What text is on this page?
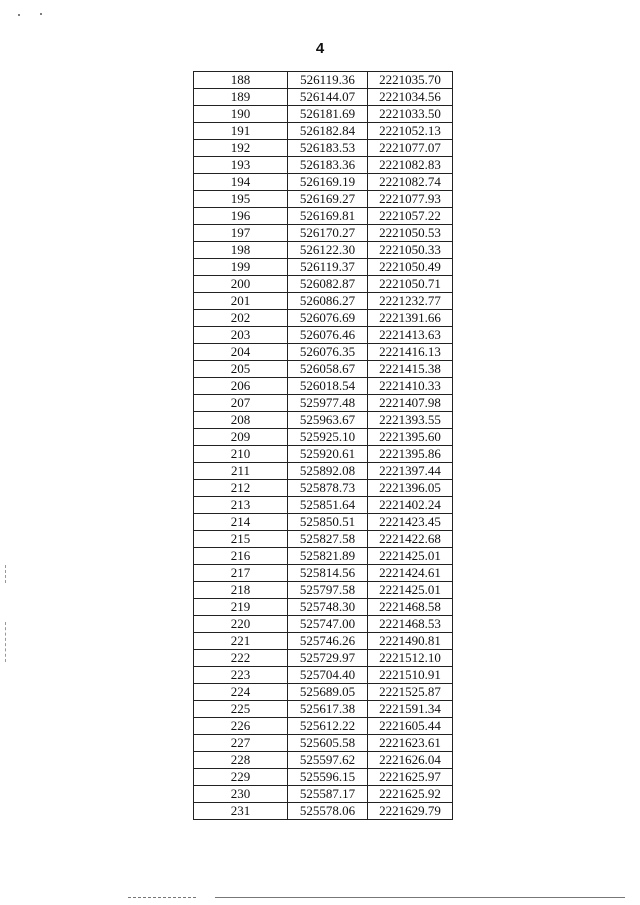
4
188	526119.36	2221035.70
189	526144.07	2221034.56
190	526181.69	2221033.50
191	526182.84	2221052.13
192	526183.53	2221077.07
193	526183.36	2221082.83
194	526169.19	2221082.74
195	526169.27	2221077.93
196	526169.81	2221057.22
197	526170.27	2221050.53
198	526122.30	2221050.33
199	526119.37	2221050.49
200	526082.87	2221050.71
201	526086.27	2221232.77
202	526076.69	2221391.66
203	526076.46	2221413.63
204	526076.35	2221416.13
205	526058.67	2221415.38
206	526018.54	2221410.33
207	525977.48	2221407.98
208	525963.67	2221393.55
209	525925.10	2221395.60
210	525920.61	2221395.86
211	525892.08	2221397.44
212	525878.73	2221396.05
213	525851.64	2221402.24
214	525850.51	2221423.45
215	525827.58	2221422.68
216	525821.89	2221425.01
217	525814.56	2221424.61
218	525797.58	2221425.01
219	525748.30	2221468.58
220	525747.00	2221468.53
221	525746.26	2221490.81
222	525729.97	2221512.10
223	525704.40	2221510.91
224	525689.05	2221525.87
225	525617.38	2221591.34
226	525612.22	2221605.44
227	525605.58	2221623.61
228	525597.62	2221626.04
229	525596.15	2221625.97
230	525587.17	2221625.92
231	525578.06	2221629.79
